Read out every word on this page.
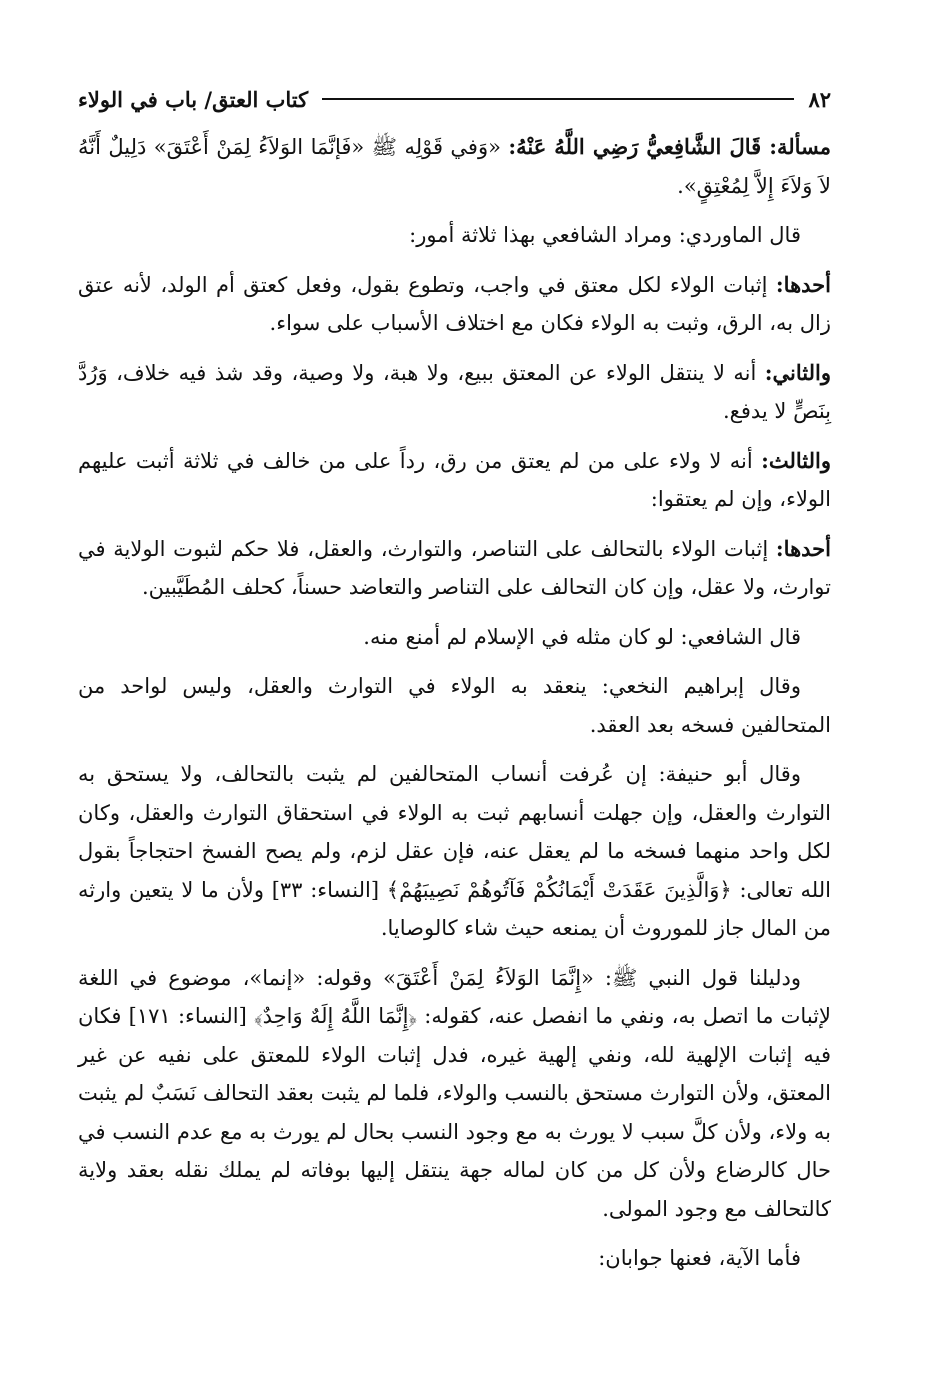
٨٢
كتاب العتق/ باب في الولاء

مسألة: قَالَ الشَّافِعيُّ رَضِي اللَّهُ عَنْهُ: «وَفي قَوْلِه ﷺ «فَإنَّمَا الوَلاَءُ لِمَنْ أَعْتَقَ» دَلِيلٌ أَنَّهُ لاَ وَلاَءَ إِلاَّ لِمُعْتِقٍ».

قال الماوردي: ومراد الشافعي بهذا ثلاثة أمور:

أحدها: إثبات الولاء لكل معتق في واجب، وتطوع بقول، وفعل كعتق أم الولد، لأنه عتق زال به، الرق، وثبت به الولاء فكان مع اختلاف الأسباب على سواء.

والثاني: أنه لا ينتقل الولاء عن المعتق ببيع، ولا هبة، ولا وصية، وقد شذ فيه خلاف، وَرُدَّ بِنَصٍّ لا يدفع.

والثالث: أنه لا ولاء على من لم يعتق من رق، رداً على من خالف في ثلاثة أثبت عليهم الولاء، وإن لم يعتقوا:

أحدها: إثبات الولاء بالتحالف على التناصر، والتوارث، والعقل، فلا حكم لثبوت الولاية في توارث، ولا عقل، وإن كان التحالف على التناصر والتعاضد حسناً، كحلف المُطَيَّبين.

قال الشافعي: لو كان مثله في الإسلام لم أمنع منه.

وقال إبراهيم النخعي: ينعقد به الولاء في التوارث والعقل، وليس لواحد من المتحالفين فسخه بعد العقد.

وقال أبو حنيفة: إن عُرفت أنساب المتحالفين لم يثبت بالتحالف، ولا يستحق به التوارث والعقل، وإن جهلت أنسابهم ثبت به الولاء في استحقاق التوارث والعقل، وكان لكل واحد منهما فسخه ما لم يعقل عنه، فإن عقل لزم، ولم يصح الفسخ احتجاجاً بقول الله تعالى: ﴿وَالَّذِينَ عَقَدَتْ أَيْمَانُكُمْ فَآتُوهُمْ نَصِيبَهُمْ﴾ [النساء: ٣٣] ولأن ما لا يتعين وارثه من المال جاز للموروث أن يمنعه حيث شاء كالوصايا.

ودليلنا قول النبي ﷺ: «إِنَّمَا الوَلاَءُ لِمَنْ أَعْتَقَ» وقوله: «إنما»، موضوع في اللغة لإثبات ما اتصل به، ونفي ما انفصل عنه، كقوله: ﴿إِنَّمَا اللَّهُ إِلَهٌ وَاحِدٌ﴾ [النساء: ١٧١] فكان فيه إثبات الإلهية لله، ونفي إلهية غيره، فدل إثبات الولاء للمعتق على نفيه عن غير المعتق، ولأن التوارث مستحق بالنسب والولاء، فلما لم يثبت بعقد التحالف نَسَبٌ لم يثبت به ولاء، ولأن كلَّ سبب لا يورث به مع وجود النسب بحال لم يورث به مع عدم النسب في حال كالرضاع ولأن كل من كان لماله جهة ينتقل إليها بوفاته لم يملك نقله بعقد ولاية كالتحالف مع وجود المولى.

فأما الآية، فعنها جوابان:
